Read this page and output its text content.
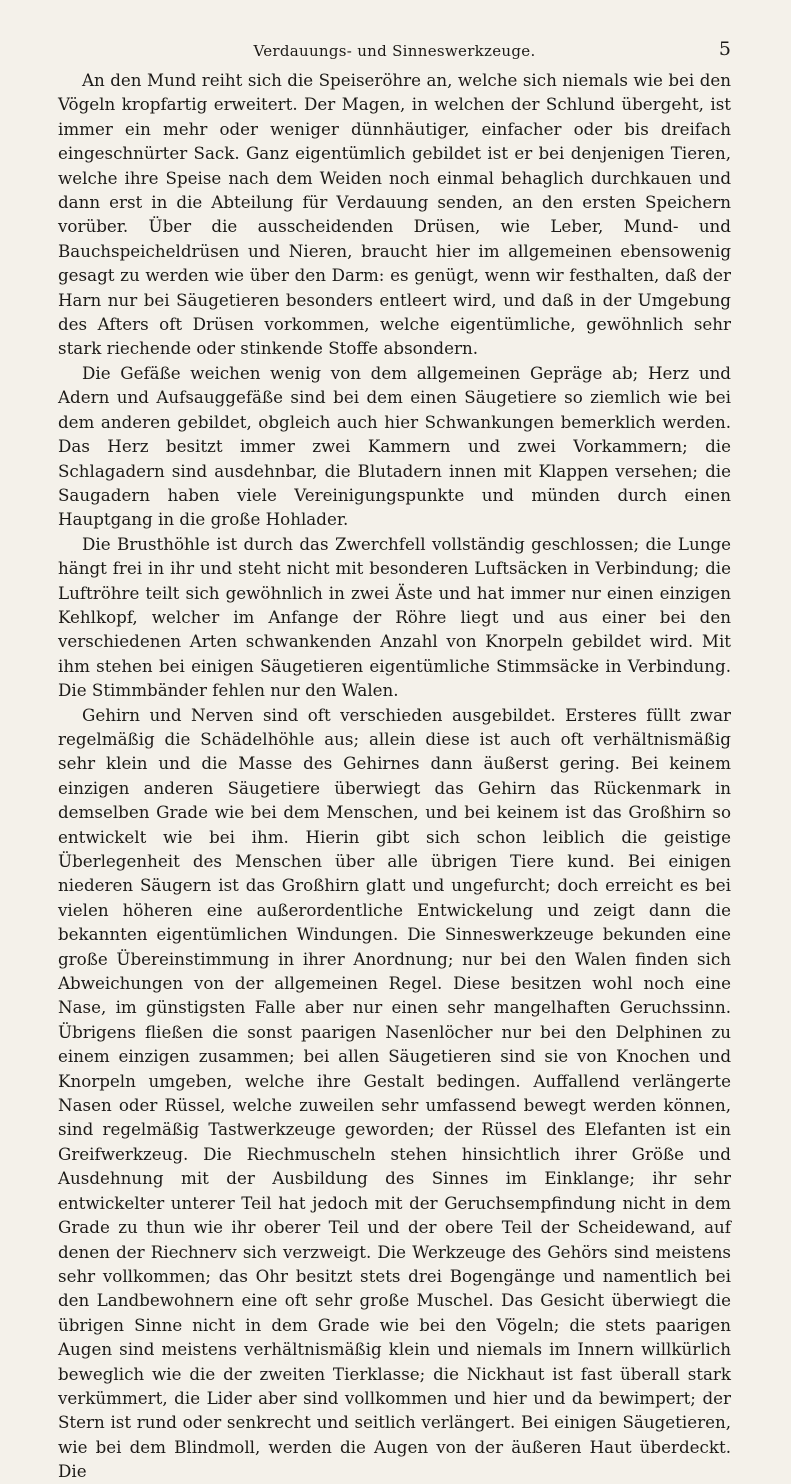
Verdauungs- und Sinneswerkzeuge.	5

An den Mund reiht sich die Speiseröhre an, welche sich niemals wie bei den Vögeln kropfartig erweitert. Der Magen, in welchen der Schlund übergeht, ist immer ein mehr oder weniger dünnhäutiger, einfacher oder bis dreifach eingeschnürter Sack. Ganz eigentümlich gebildet ist er bei denjenigen Tieren, welche ihre Speise nach dem Weiden noch einmal behaglich durchkauen und dann erst in die Abteilung für Verdauung senden, an den ersten Speichern vorüber. Über die ausscheidenden Drüsen, wie Leber, Mund- und Bauchspeicheldrüsen und Nieren, braucht hier im allgemeinen ebensowenig gesagt zu werden wie über den Darm: es genügt, wenn wir festhalten, daß der Harn nur bei Säugetieren besonders entleert wird, und daß in der Umgebung des Afters oft Drüsen vorkommen, welche eigentümliche, gewöhnlich sehr stark riechende oder stinkende Stoffe absondern.

Die Gefäße weichen wenig von dem allgemeinen Gepräge ab; Herz und Adern und Aufsauggefäße sind bei dem einen Säugetiere so ziemlich wie bei dem anderen gebildet, obgleich auch hier Schwankungen bemerklich werden. Das Herz besitzt immer zwei Kammern und zwei Vorkammern; die Schlagadern sind ausdehnbar, die Blutadern innen mit Klappen versehen; die Saugadern haben viele Vereinigungspunkte und münden durch einen Hauptgang in die große Hohlader.

Die Brusthöhle ist durch das Zwerchfell vollständig geschlossen; die Lunge hängt frei in ihr und steht nicht mit besonderen Luftsäcken in Verbindung; die Luftröhre teilt sich gewöhnlich in zwei Äste und hat immer nur einen einzigen Kehlkopf, welcher im Anfange der Röhre liegt und aus einer bei den verschiedenen Arten schwankenden Anzahl von Knorpeln gebildet wird. Mit ihm stehen bei einigen Säugetieren eigentümliche Stimmsäcke in Verbindung. Die Stimmbänder fehlen nur den Walen.

Gehirn und Nerven sind oft verschieden ausgebildet. Ersteres füllt zwar regelmäßig die Schädelhöhle aus; allein diese ist auch oft verhältnismäßig sehr klein und die Masse des Gehirnes dann äußerst gering. Bei keinem einzigen anderen Säugetiere überwiegt das Gehirn das Rückenmark in demselben Grade wie bei dem Menschen, und bei keinem ist das Großhirn so entwickelt wie bei ihm. Hierin gibt sich schon leiblich die geistige Überlegenheit des Menschen über alle übrigen Tiere kund. Bei einigen niederen Säugern ist das Großhirn glatt und ungefurcht; doch erreicht es bei vielen höheren eine außerordentliche Entwickelung und zeigt dann die bekannten eigentümlichen Windungen. Die Sinneswerkzeuge bekunden eine große Übereinstimmung in ihrer Anordnung; nur bei den Walen finden sich Abweichungen von der allgemeinen Regel. Diese besitzen wohl noch eine Nase, im günstigsten Falle aber nur einen sehr mangelhaften Geruchssinn. Übrigens fließen die sonst paarigen Nasenlöcher nur bei den Delphinen zu einem einzigen zusammen; bei allen Säugetieren sind sie von Knochen und Knorpeln umgeben, welche ihre Gestalt bedingen. Auffallend verlängerte Nasen oder Rüssel, welche zuweilen sehr umfassend bewegt werden können, sind regelmäßig Tastwerkzeuge geworden; der Rüssel des Elefanten ist ein Greifwerkzeug. Die Riechmuscheln stehen hinsichtlich ihrer Größe und Ausdehnung mit der Ausbildung des Sinnes im Einklange; ihr sehr entwickelter unterer Teil hat jedoch mit der Geruchsempfindung nicht in dem Grade zu thun wie ihr oberer Teil und der obere Teil der Scheidewand, auf denen der Riechnerv sich verzweigt. Die Werkzeuge des Gehörs sind meistens sehr vollkommen; das Ohr besitzt stets drei Bogengänge und namentlich bei den Landbewohnern eine oft sehr große Muschel. Das Gesicht überwiegt die übrigen Sinne nicht in dem Grade wie bei den Vögeln; die stets paarigen Augen sind meistens verhältnismäßig klein und niemals im Innern willkürlich beweglich wie die der zweiten Tierklasse; die Nickhaut ist fast überall stark verkümmert, die Lider aber sind vollkommen und hier und da bewimpert; der Stern ist rund oder senkrecht und seitlich verlängert. Bei einigen Säugetieren, wie bei dem Blindmoll, werden die Augen von der äußeren Haut überdeckt. Die
